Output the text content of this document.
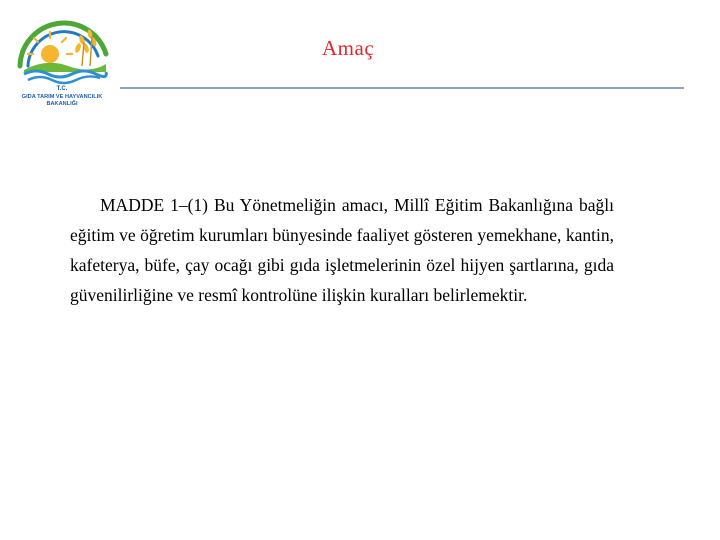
T.C.
GIDA TARIM VE HAYVANCILIK
BAKANLIĞI
Amaç

MADDE 1–(1) Bu Yönetmeliğin amacı, Millî Eğitim Bakanlığına bağlı eğitim ve öğretim kurumları bünyesinde faaliyet gösteren yemekhane, kantin, kafeterya, büfe, çay ocağı gibi gıda işletmelerinin özel hijyen şartlarına, gıda güvenilirliğine ve resmî kontrolüne ilişkin kuralları belirlemektir.
